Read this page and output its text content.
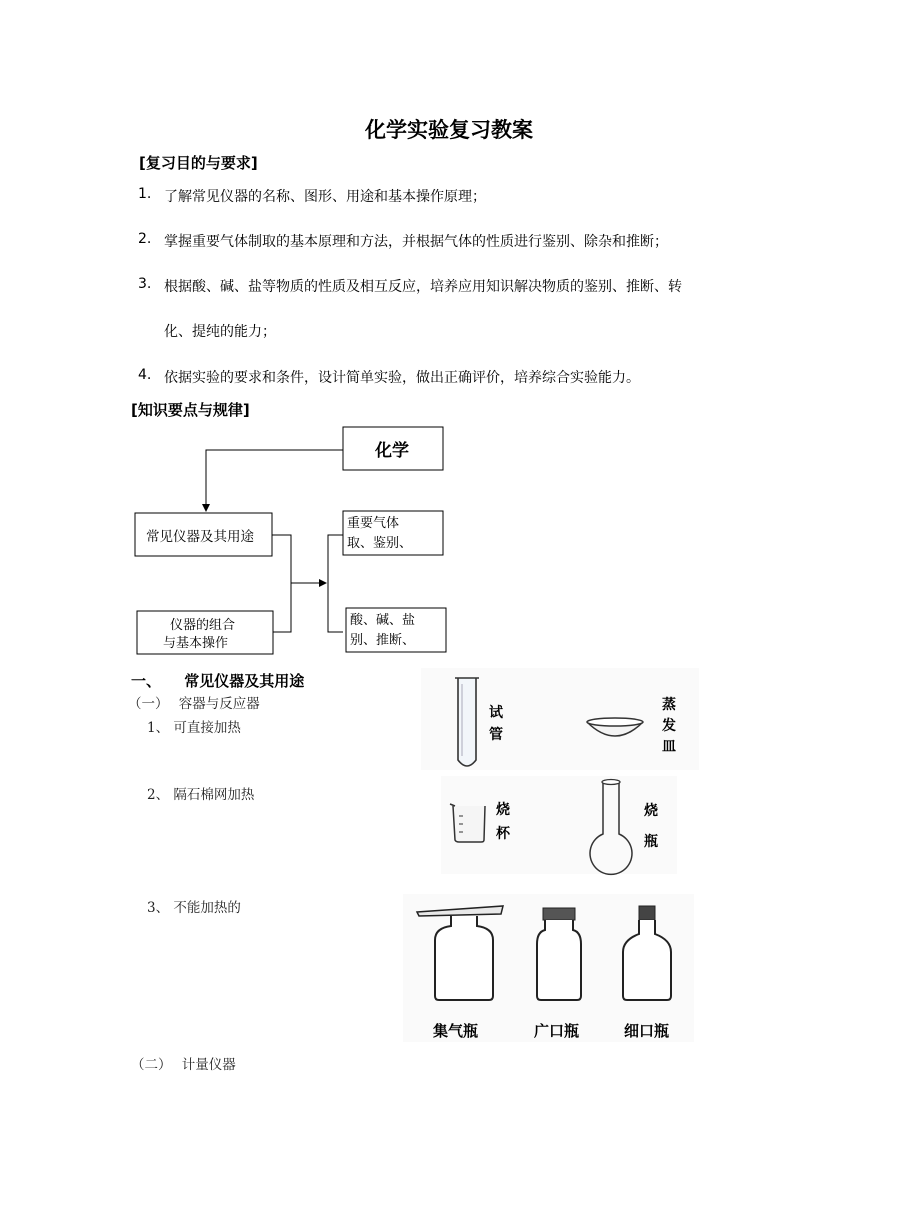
化学实验复习教案
[复习目的与要求]
1. 了解常见仪器的名称、图形、用途和基本操作原理；
2. 掌握重要气体制取的基本原理和方法，并根据气体的性质进行鉴别、除杂和推断；
3. 根据酸、碱、盐等物质的性质及相互反应，培养应用知识解决物质的鉴别、推断、转
化、提纯的能力；
4. 依据实验的要求和条件，设计简单实验，做出正确评价，培养综合实验能力。
[知识要点与规律]
化学
常见仪器及其用途
仪器的组合
与基本操作
重要气体
取、鉴别、
酸、碱、盐
别、推断、
一、 常见仪器及其用途
（一） 容器与反应器
1、 可直接加热
2、 隔石棉网加热
3、 不能加热的
（二） 计量仪器
试
管
蒸
发
皿
烧
杯
烧
瓶
集气瓶	广口瓶	细口瓶
